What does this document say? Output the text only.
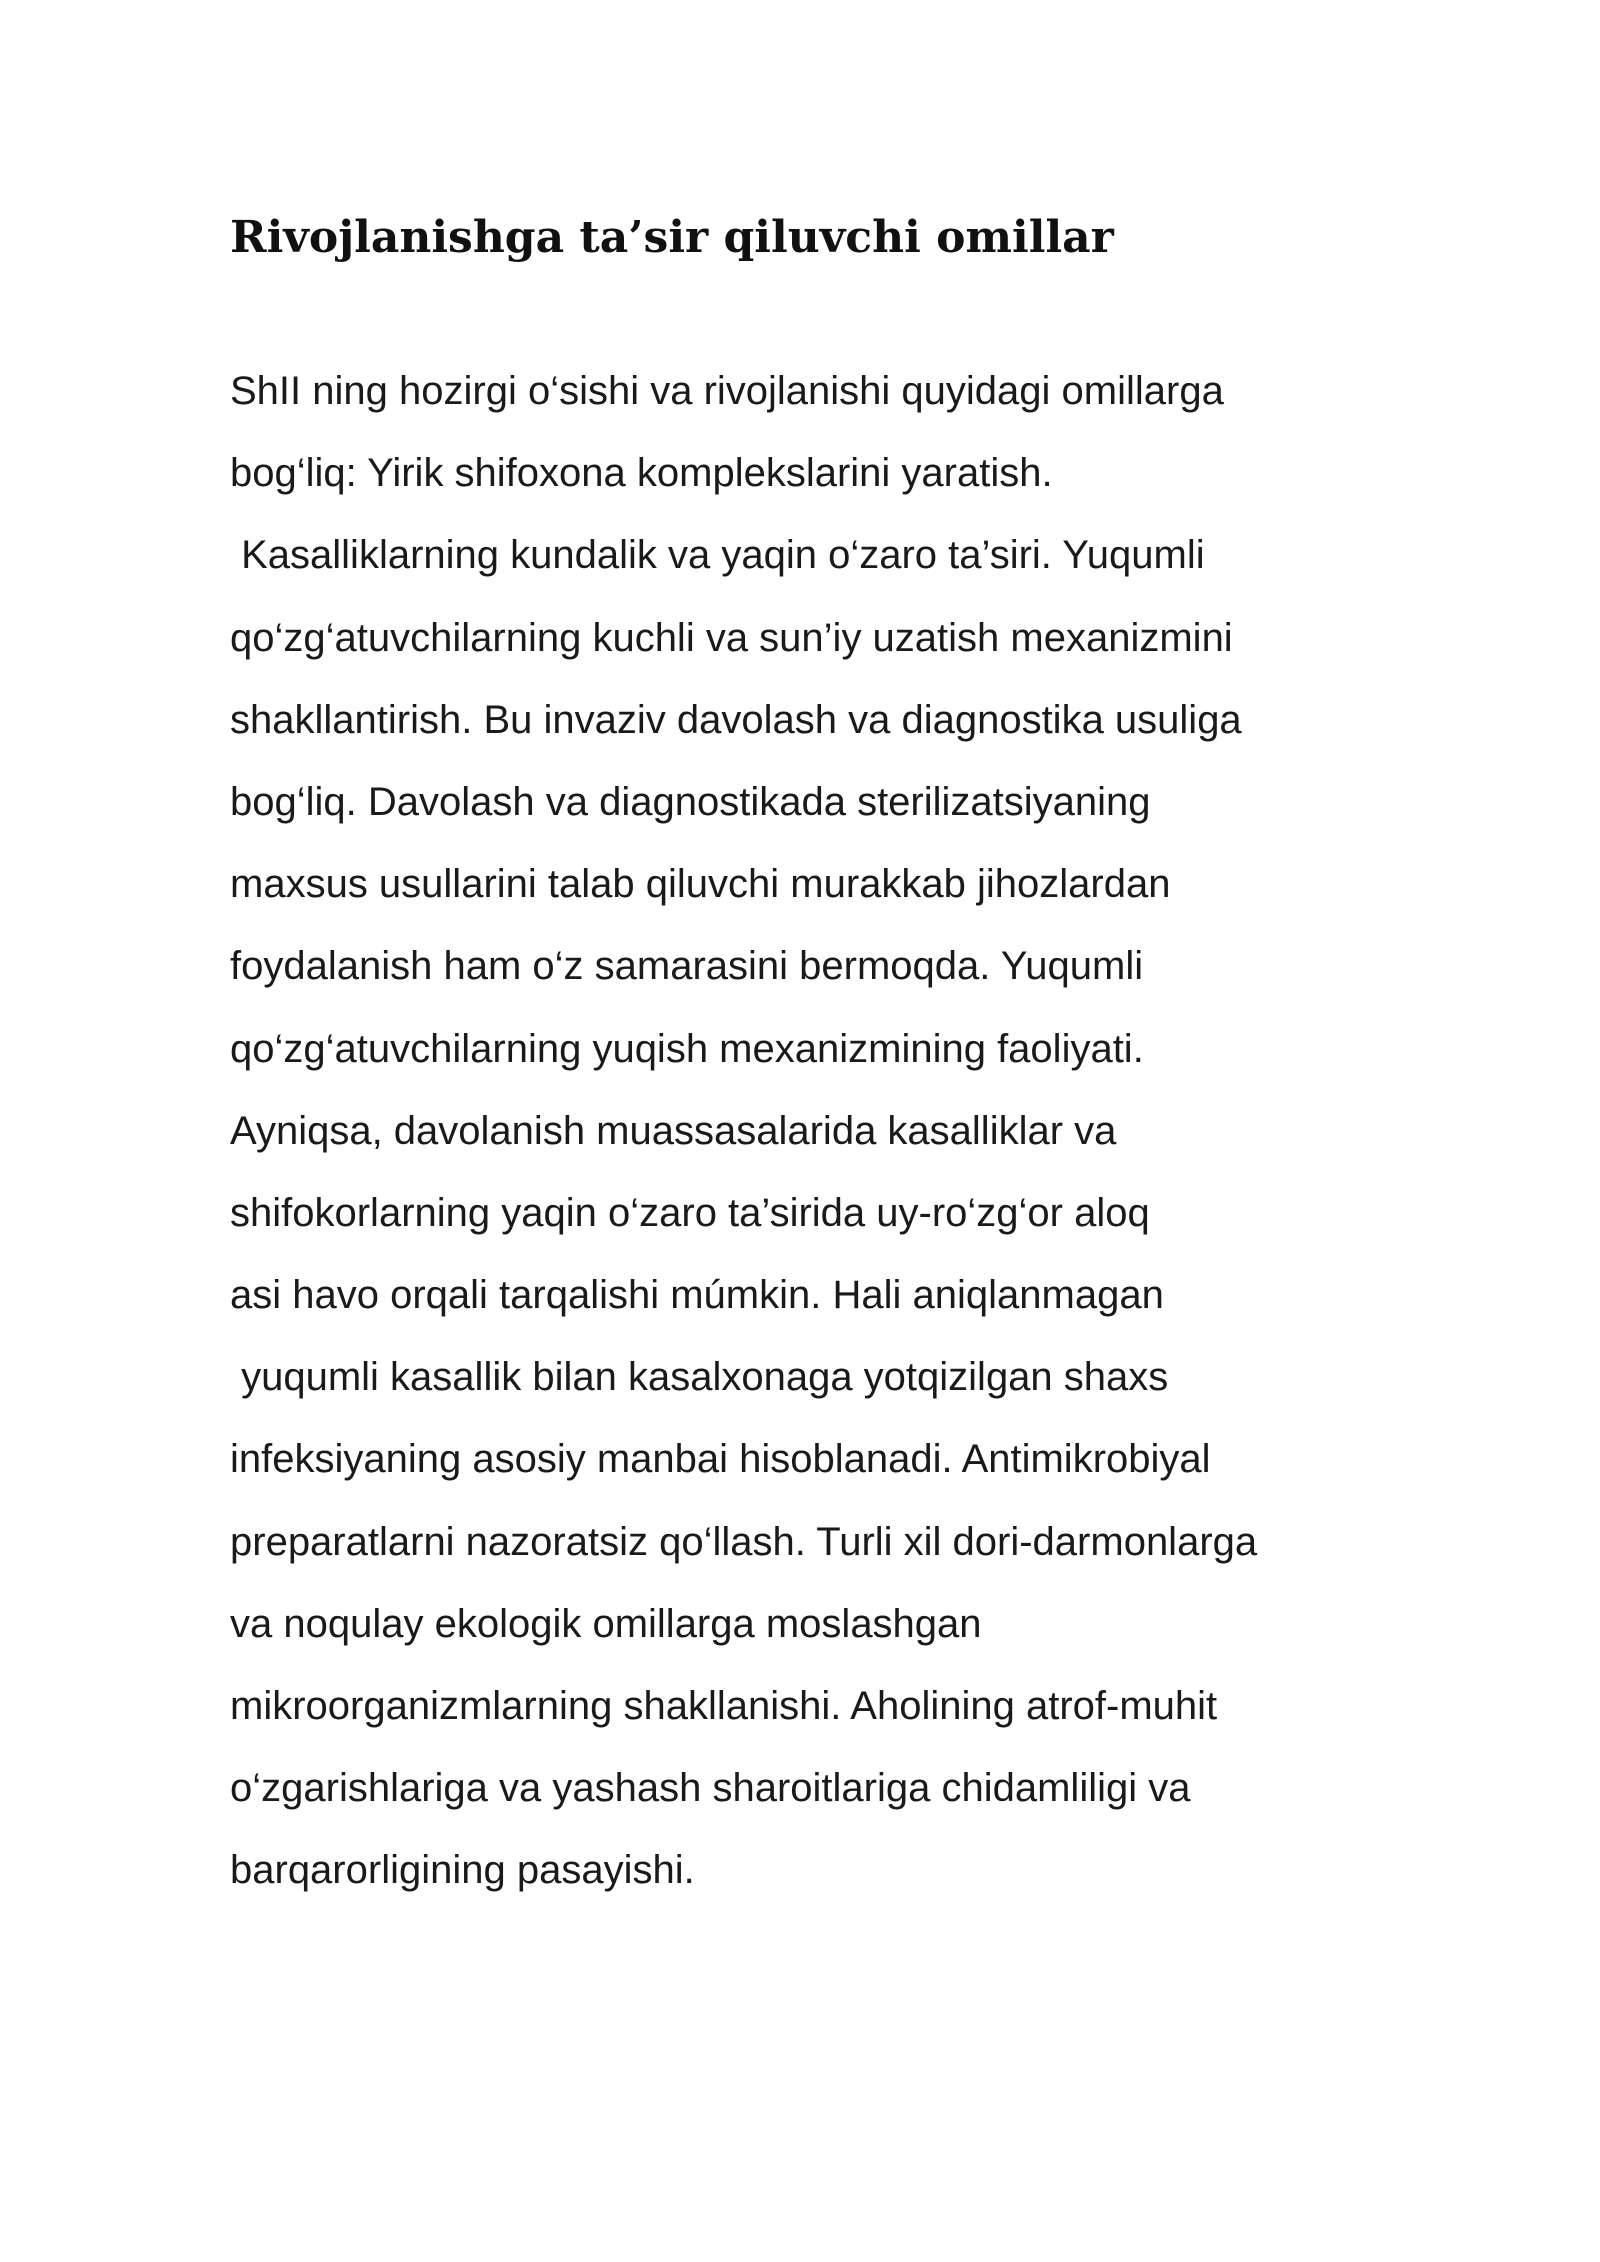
Rivojlanishga ta’sir qiluvchi omillar
ShII ning hozirgi o‘sishi va rivojlanishi quyidagi omillarga
bog‘liq: Yirik shifoxona komplekslarini yaratish.
Kasalliklarning kundalik va yaqin o‘zaro ta’siri. Yuqumli
qo‘zg‘atuvchilarning kuchli va sun’iy uzatish mexanizmini
shakllantirish. Bu invaziv davolash va diagnostika usuliga
bog‘liq. Davolash va diagnostikada sterilizatsiyaning
maxsus usullarini talab qiluvchi murakkab jihozlardan
foydalanish ham o‘z samarasini bermoqda. Yuqumli
qo‘zg‘atuvchilarning yuqish mexanizmining faoliyati.
Ayniqsa, davolanish muassasalarida kasalliklar va
shifokorlarning yaqin o‘zaro ta’sirida uy-ro‘zg‘or aloq
asi havo orqali tarqalishi múmkin. Hali aniqlanmagan
yuqumli kasallik bilan kasalxonaga yotqizilgan shaxs
infeksiyaning asosiy manbai hisoblanadi. Antimikrobiyal
preparatlarni nazoratsiz qo‘llash. Turli xil dori-darmonlarga
va noqulay ekologik omillarga moslashgan
mikroorganizmlarning shakllanishi. Aholining atrof-muhit
o‘zgarishlariga va yashash sharoitlariga chidamliligi va
barqarorligining pasayishi.
